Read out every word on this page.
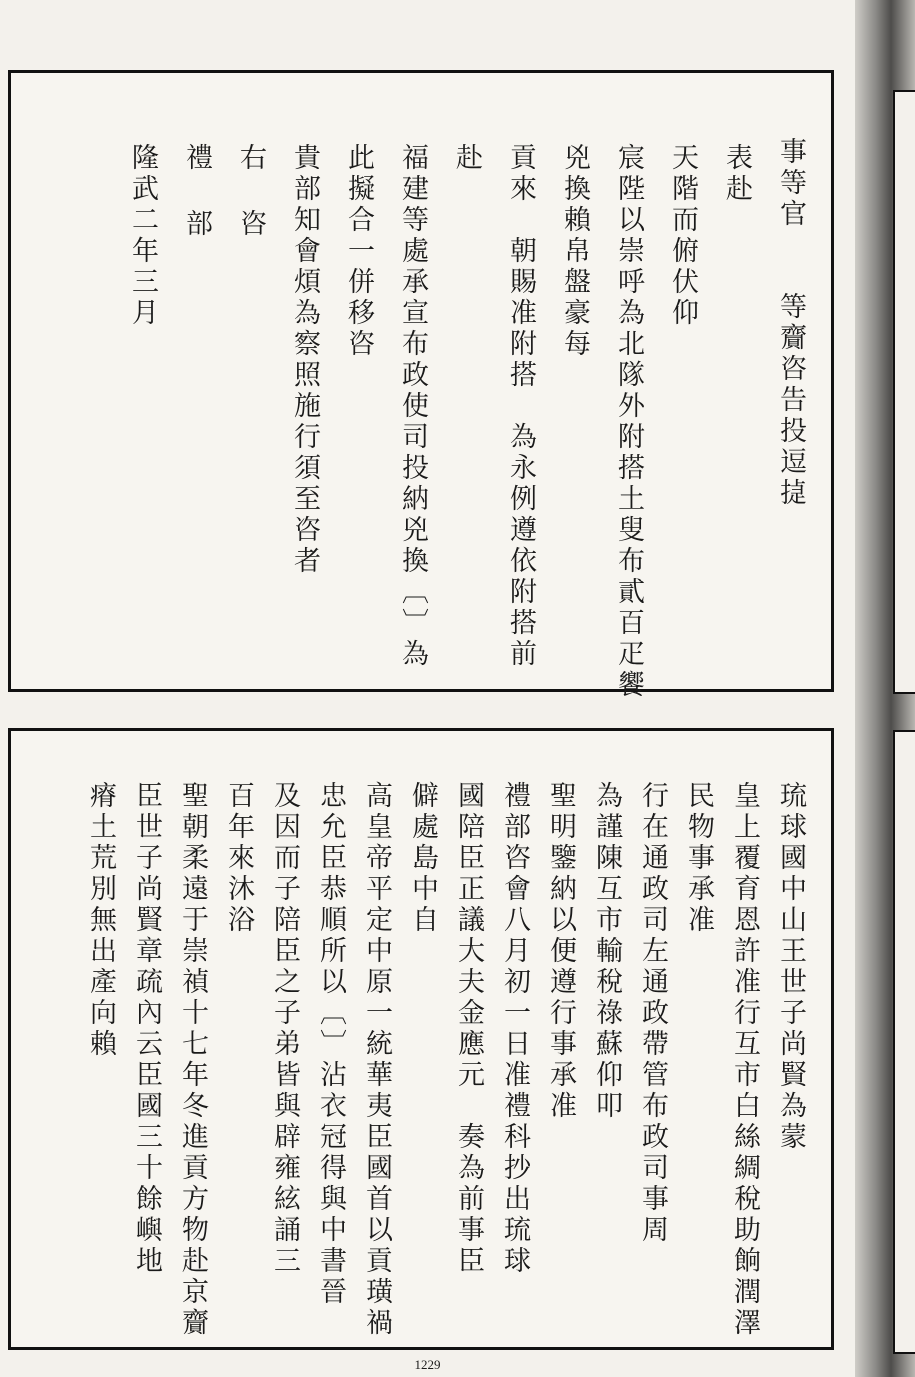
事等官　　等齎咨告投逗㨗
表赴
天階而俯伏仰
宸陛以崇呼為北隊外附搭土叟布貳百疋饗
兇換賴帛盤豪每
貢來　朝賜准附搭　為永例遵依附搭前
赴
福建等處承宣布政使司投納兇換〔〕為
此擬合一併移咨
貴部知會煩為察照施行須至咨者
右　咨
禮　部
隆武二年三月
琉球國中山王世子尚賢為蒙
皇上覆育恩許准行互市白絲綢稅助餉潤澤
民物事承准
行在通政司左通政帶管布政司事周
為謹陳互市輸稅祿蘇仰叩
聖明鑒納以便遵行事承准
禮部咨會八月初一日准禮科抄出琉球
國陪臣正議大夫金應元　奏為前事臣
僻處島中自
高皇帝平定中原一統華夷臣國首以貢璜禍
忠允臣恭順所以〔〕沾衣冠得與中書晉
及因而子陪臣之子弟皆與辟雍絃誦三
百年來沐浴
聖朝柔遠于崇禎十七年冬進貢方物赴京齎
臣世子尚賢章疏內云臣國三十餘嶼地
瘠土荒別無出產向賴
1229
